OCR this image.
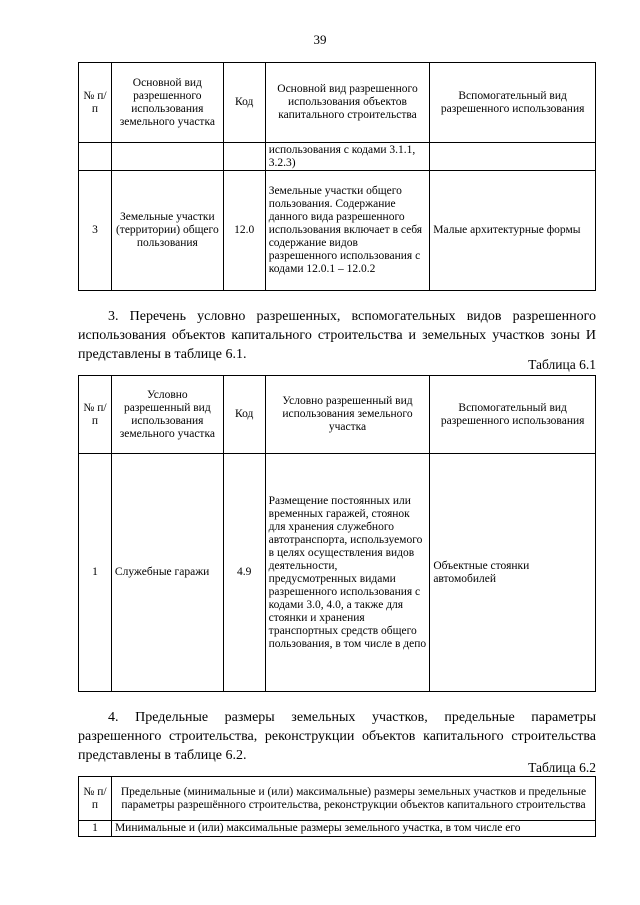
39
№ п/п	Основной вид разрешенного использования земельного участка	Код	Основной вид разрешенного использования объектов капитального строительства	Вспомогательный вид разрешенного использования
			использования с кодами 3.1.1, 3.2.3)	
3	Земельные участки (территории) общего пользования	12.0	Земельные участки общего пользования. Содержание данного вида разрешенного использования включает в себя содержание видов разрешенного использования с кодами 12.0.1 – 12.0.2	Малые архитектурные формы
3. Перечень условно разрешенных, вспомогательных видов разрешенного использования объектов капитального строительства и земельных участков зоны И представлены в таблице 6.1.
Таблица 6.1
№ п/п	Условно разрешенный вид использования земельного участка	Код	Условно разрешенный вид использования земельного участка	Вспомогательный вид разрешенного использования
1	Служебные гаражи	4.9	Размещение постоянных или временных гаражей, стоянок для хранения служебного автотранспорта, используемого в целях осуществления видов деятельности, предусмотренных видами разрешенного использования с кодами 3.0, 4.0, а также для стоянки и хранения транспортных средств общего пользования, в том числе в депо	Объектные стоянки автомобилей
4. Предельные размеры земельных участков, предельные параметры разрешенного строительства, реконструкции объектов капитального строительства представлены в таблице 6.2.
Таблица 6.2
№ п/п	Предельные (минимальные и (или) максимальные) размеры земельных участков и предельные параметры разрешённого строительства, реконструкции объектов капитального строительства
1	Минимальные и (или) максимальные размеры земельного участка, в том числе его
